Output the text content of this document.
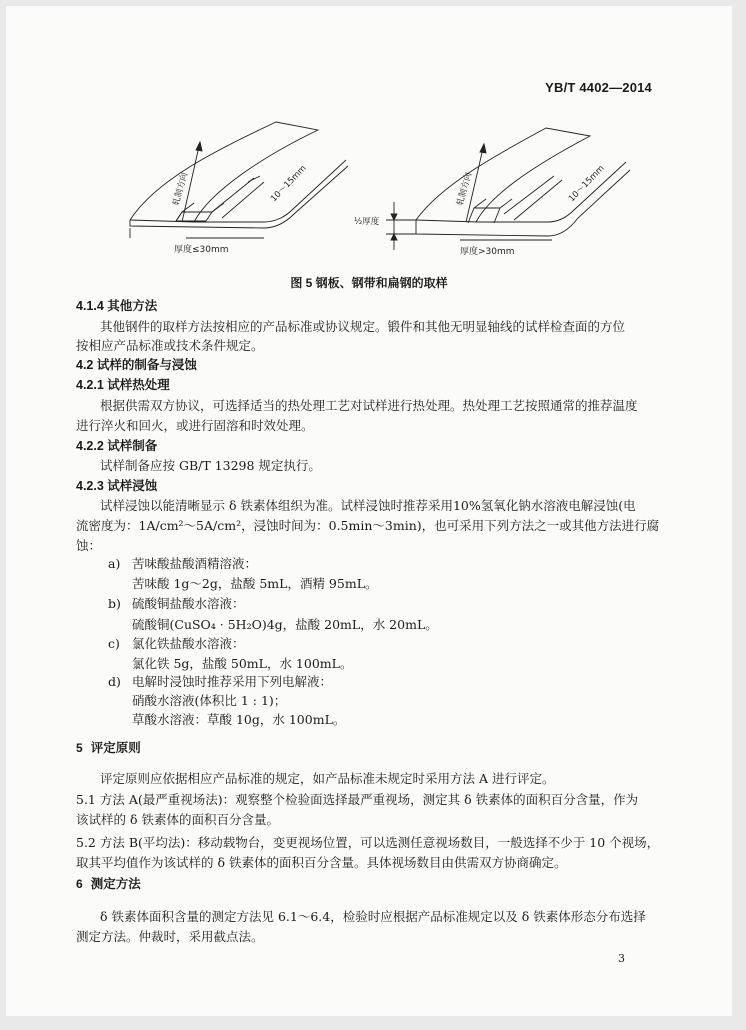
YB/T 4402—2014
轧制方向	10～15mm
厚度≤30mm
轧制方向	10～15mm
½厚度
厚度>30mm
图 5 钢板、钢带和扁钢的取样
4.1.4 其他方法
其他钢件的取样方法按相应的产品标准或协议规定。锻件和其他无明显轴线的试样检查面的方位
按相应产品标准或技术条件规定。
4.2 试样的制备与浸蚀
4.2.1 试样热处理
根据供需双方协议，可选择适当的热处理工艺对试样进行热处理。热处理工艺按照通常的推荐温度
进行淬火和回火，或进行固溶和时效处理。
4.2.2 试样制备
试样制备应按 GB/T 13298 规定执行。
4.2.3 试样浸蚀
试样浸蚀以能清晰显示 δ 铁素体组织为准。试样浸蚀时推荐采用10%氢氧化钠水溶液电解浸蚀(电
流密度为：1A/cm²～5A/cm²，浸蚀时间为：0.5min～3min)，也可采用下列方法之一或其他方法进行腐
蚀：
a) 苦味酸盐酸酒精溶液：
苦味酸 1g～2g，盐酸 5mL，酒精 95mL。
b) 硫酸铜盐酸水溶液：
硫酸铜(CuSO₄ · 5H₂O)4g，盐酸 20mL，水 20mL。
c) 氯化铁盐酸水溶液：
氯化铁 5g，盐酸 50mL，水 100mL。
d) 电解时浸蚀时推荐采用下列电解液：
硝酸水溶液(体积比 1 : 1)；
草酸水溶液：草酸 10g，水 100mL。
5 评定原则
评定原则应依据相应产品标准的规定，如产品标准未规定时采用方法 A 进行评定。
5.1 方法 A(最严重视场法)：观察整个检验面选择最严重视场，测定其 δ 铁素体的面积百分含量，作为
该试样的 δ 铁素体的面积百分含量。
5.2 方法 B(平均法)：移动载物台，变更视场位置，可以选测任意视场数目，一般选择不少于 10 个视场，
取其平均值作为该试样的 δ 铁素体的面积百分含量。具体视场数目由供需双方协商确定。
6 测定方法
δ 铁素体面积含量的测定方法见 6.1～6.4，检验时应根据产品标准规定以及 δ 铁素体形态分布选择
测定方法。仲裁时，采用截点法。
3
